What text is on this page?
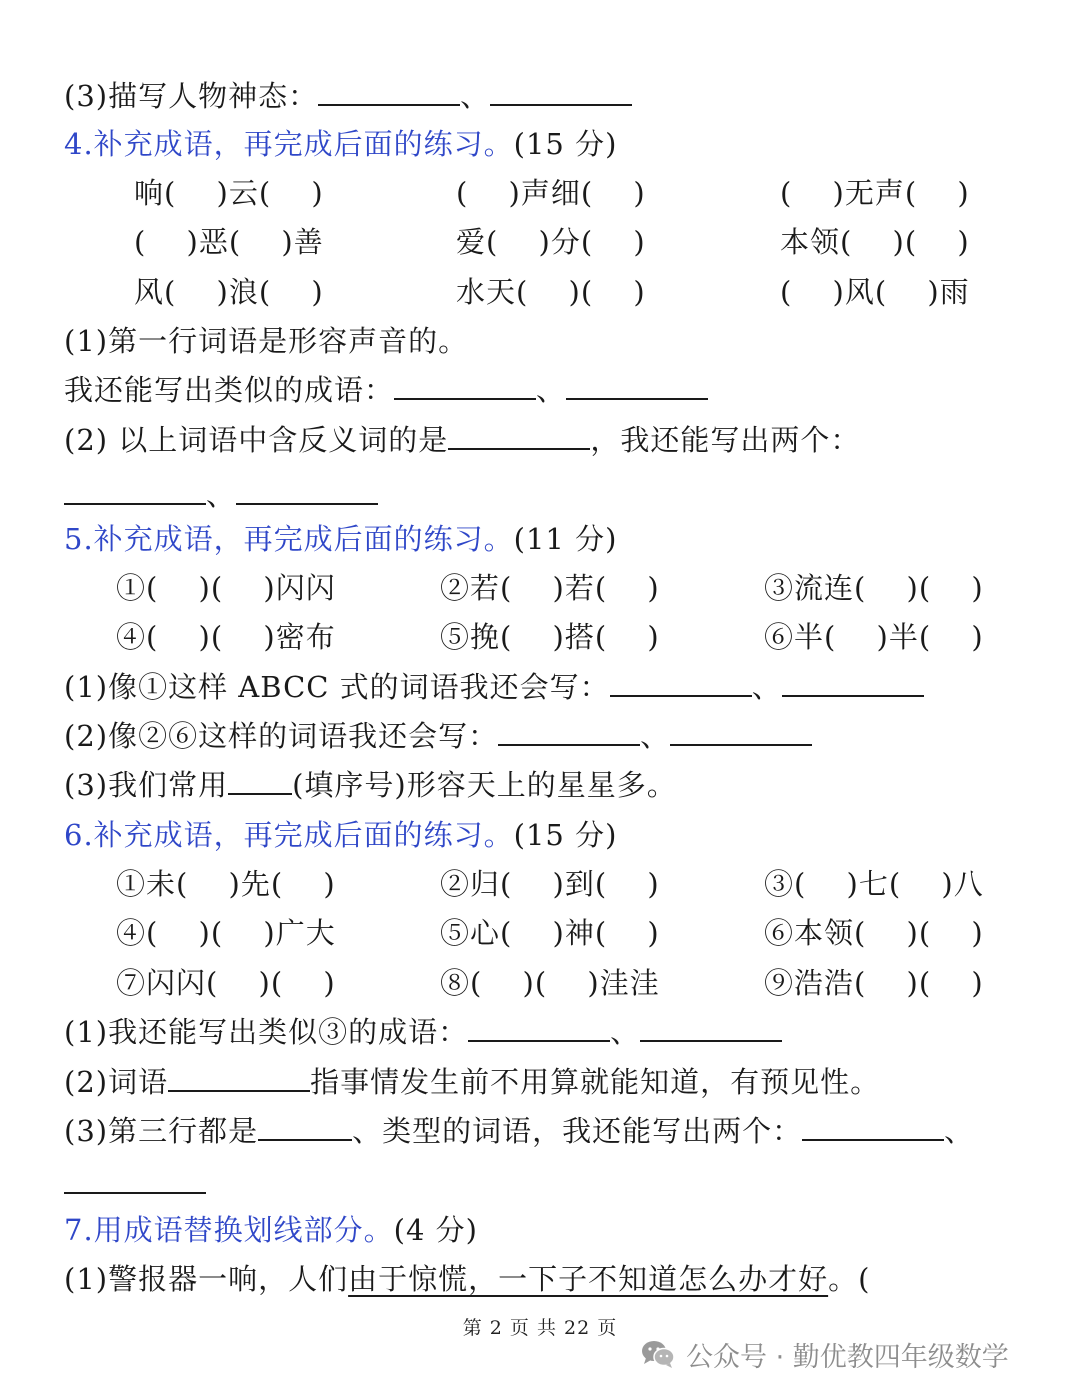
(3)描写人物神态：	、
4.补充成语，再完成后面的练习。(15 分)
响(　 )云(　 )	(　 )声细(　 )	(　 )无声(　 )
(　 )恶(　 )善	爱(　 )分(　 )	本领(　 )(　 )
风(　 )浪(　 )	水天(　 )(　 )	(　 )风(　 )雨
(1)第一行词语是形容声音的。
我还能写出类似的成语：	、
(2) 以上词语中含反义词的是	，我还能写出两个：
、
5.补充成语，再完成后面的练习。(11 分)
①(　 )(　 )闪闪	②若(　 )若(　 )	③流连(　 )(　 )
④(　 )(　 )密布	⑤挽(　 )搭(　 )	⑥半(　 )半(　 )
(1)像①这样 ABCC 式的词语我还会写：	、
(2)像②⑥这样的词语我还会写：	、
(3)我们常用 (填序号)形容天上的星星多。
6.补充成语，再完成后面的练习。(15 分)
①未(　 )先(　 )	②归(　 )到(　 )	③(　 )七(　 )八
④(　 )(　 )广大	⑤心(　 )神(　 )	⑥本领(　 )(　 )
⑦闪闪(　 )(　 )	⑧(　 )(　 )洼洼	⑨浩浩(　 )(　 )
(1)我还能写出类似③的成语：	、
(2)词语	指事情发生前不用算就能知道，有预见性。
(3)第三行都是	、类型的词语，我还能写出两个：	、
7.用成语替换划线部分。(4 分)
(1)警报器一响，人们由于惊慌，一下子不知道怎么办才好。(
第 2 页 共 22 页
公众号 · 勤优教四年级数学
